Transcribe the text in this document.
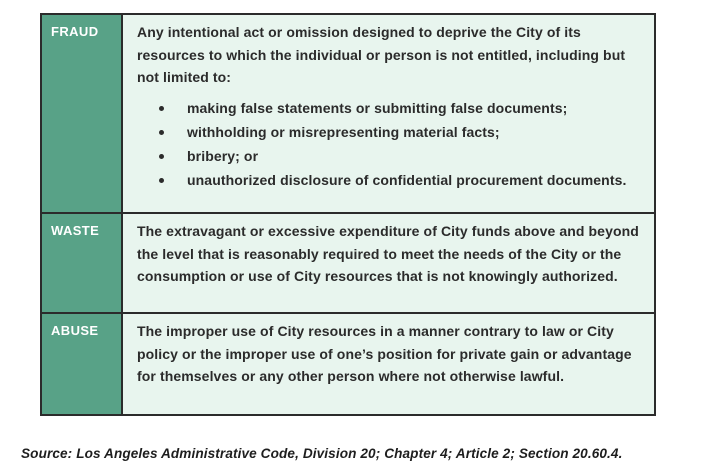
FRAUD	Any intentional act or omission designed to deprive the City of its resources to which the individual or person is not entitled, including but not limited to:
making false statements or submitting false documents;
withholding or misrepresenting material facts;
bribery; or
unauthorized disclosure of confidential procurement documents.
WASTE	The extravagant or excessive expenditure of City funds above and beyond the level that is reasonably required to meet the needs of the City or the consumption or use of City resources that is not knowingly authorized.
ABUSE	The improper use of City resources in a manner contrary to law or City policy or the improper use of one’s position for private gain or advantage for themselves or any other person where not otherwise lawful.
Source: Los Angeles Administrative Code, Division 20; Chapter 4; Article 2; Section 20.60.4.
